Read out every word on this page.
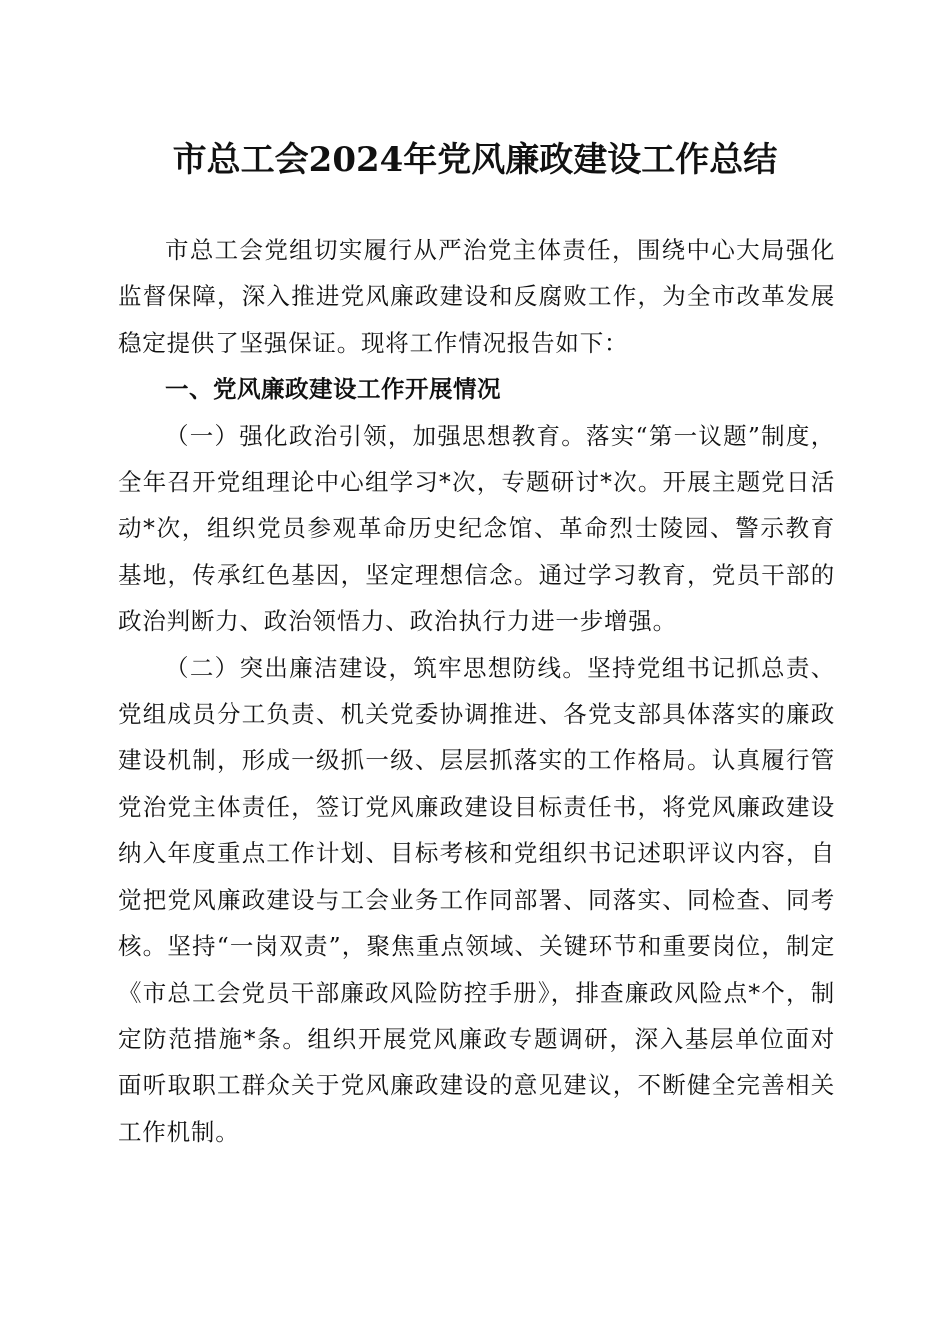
市总工会2024年党风廉政建设工作总结

市总工会党组切实履行从严治党主体责任，围绕中心大局强化监督保障，深入推进党风廉政建设和反腐败工作，为全市改革发展稳定提供了坚强保证。现将工作情况报告如下：

一、党风廉政建设工作开展情况

（一）强化政治引领，加强思想教育。落实“第一议题”制度，全年召开党组理论中心组学习*次，专题研讨*次。开展主题党日活动*次，组织党员参观革命历史纪念馆、革命烈士陵园、警示教育基地，传承红色基因，坚定理想信念。通过学习教育，党员干部的政治判断力、政治领悟力、政治执行力进一步增强。

（二）突出廉洁建设，筑牢思想防线。坚持党组书记抓总责、党组成员分工负责、机关党委协调推进、各党支部具体落实的廉政建设机制，形成一级抓一级、层层抓落实的工作格局。认真履行管党治党主体责任，签订党风廉政建设目标责任书，将党风廉政建设纳入年度重点工作计划、目标考核和党组织书记述职评议内容，自觉把党风廉政建设与工会业务工作同部署、同落实、同检查、同考核。坚持“一岗双责”，聚焦重点领域、关键环节和重要岗位，制定《市总工会党员干部廉政风险防控手册》，排查廉政风险点*个，制定防范措施*条。组织开展党风廉政专题调研，深入基层单位面对面听取职工群众关于党风廉政建设的意见建议，不断健全完善相关工作机制。
